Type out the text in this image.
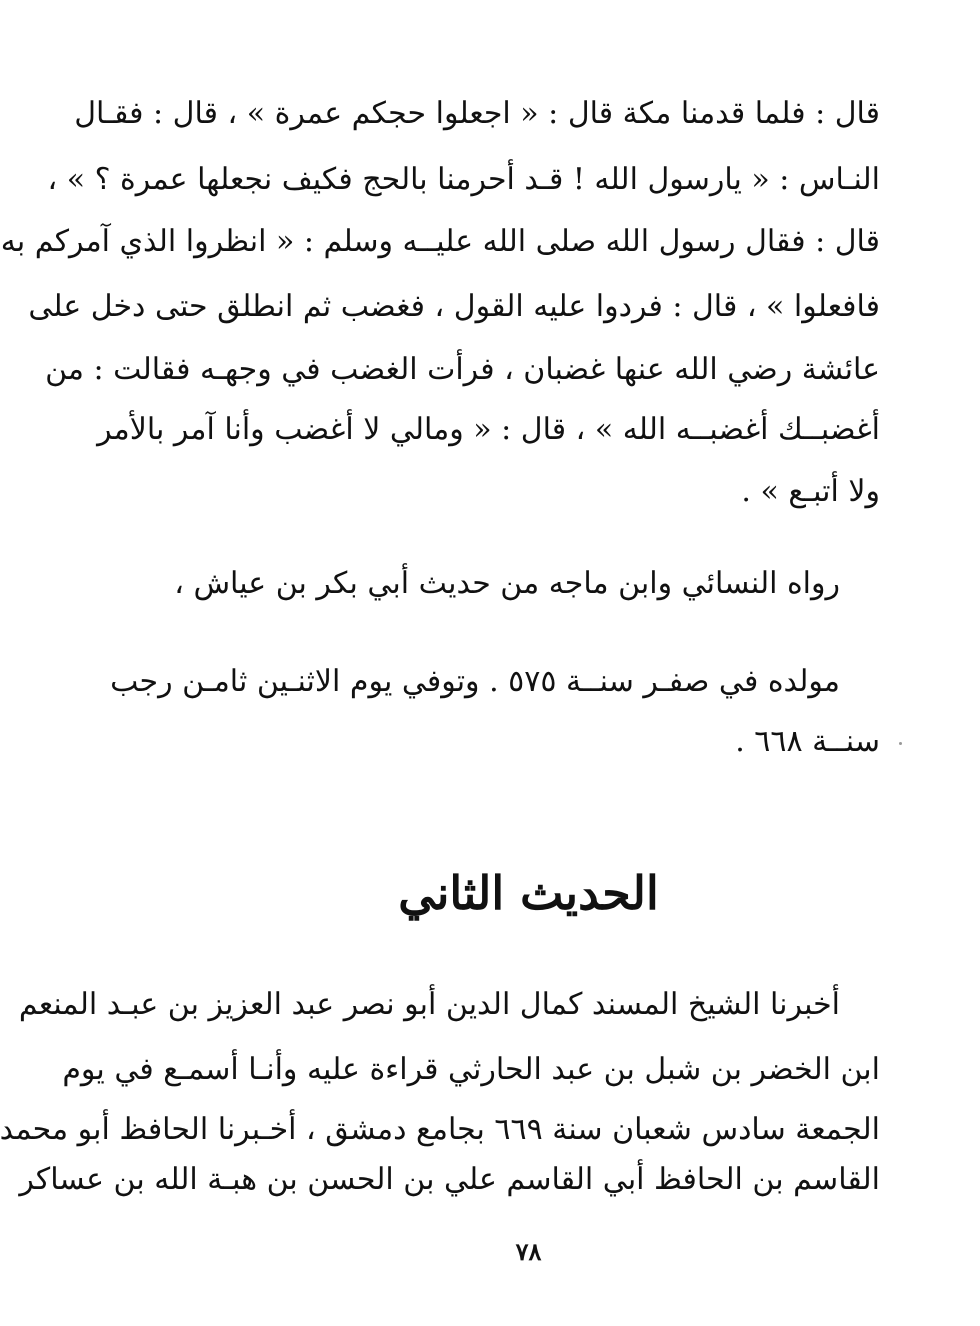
قال : فلما قدمنا مكة قال : « اجعلوا حجكم عمرة » ، قال : فقـال
النـاس : « يارسول الله ! قـد أحرمنا بالحج فكيف نجعلها عمرة ؟ » ،
قال : فقال رسول الله صلى الله عليــه وسلم : « انظروا الذي آمركم به
فافعلوا » ، قال : فردوا عليه القول ، فغضب ثم انطلق حتى دخل على
عائشة رضي الله عنها غضبان ، فرأت الغضب في وجهـه فقالت : من
أغضبــك أغضبــه الله » ، قال : « ومالي لا أغضب وأنا آمر بالأمر
ولا أتبـع » .
رواه النسائي وابن ماجه من حديث أبي بكر بن عياش ،
مولده في صفـر سنــة ٥٧٥ . وتوفي يوم الاثنـين ثامـن رجب
سنــة ٦٦٨ .
الحديث الثاني
أخبرنا الشيخ المسند كمال الدين أبو نصر عبد العزيز بن عبـد المنعم
ابن الخضر بن شبل بن عبد الحارثي قراءة عليه وأنـا أسمـع في يوم
الجمعة سادس شعبان سنة ٦٦٩ بجامع دمشق ، أخـبرنا الحافظ أبو محمد
القاسم بن الحافظ أبي القاسم علي بن الحسن بن هبـة الله بن عساكر
٧٨
